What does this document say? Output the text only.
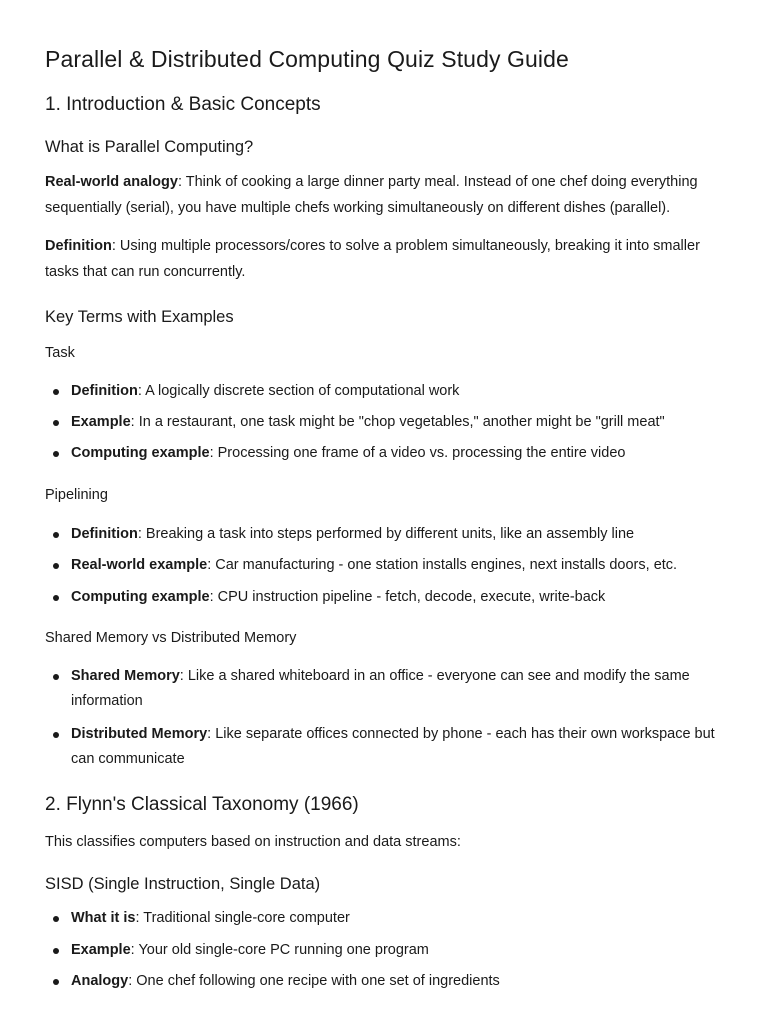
Parallel & Distributed Computing Quiz Study Guide
1. Introduction & Basic Concepts
What is Parallel Computing?

Real-world analogy: Think of cooking a large dinner party meal. Instead of one chef doing everything sequentially (serial), you have multiple chefs working simultaneously on different dishes (parallel).

Definition: Using multiple processors/cores to solve a problem simultaneously, breaking it into smaller tasks that can run concurrently.

Key Terms with Examples
Task
Definition: A logically discrete section of computational work
Example: In a restaurant, one task might be "chop vegetables," another might be "grill meat"
Computing example: Processing one frame of a video vs. processing the entire video
Pipelining
Definition: Breaking a task into steps performed by different units, like an assembly line
Real-world example: Car manufacturing - one station installs engines, next installs doors, etc.
Computing example: CPU instruction pipeline - fetch, decode, execute, write-back
Shared Memory vs Distributed Memory
Shared Memory: Like a shared whiteboard in an office - everyone can see and modify the same information
Distributed Memory: Like separate offices connected by phone - each has their own workspace but can communicate
2. Flynn's Classical Taxonomy (1966)

This classifies computers based on instruction and data streams:

SISD (Single Instruction, Single Data)
What it is: Traditional single-core computer
Example: Your old single-core PC running one program
Analogy: One chef following one recipe with one set of ingredients
